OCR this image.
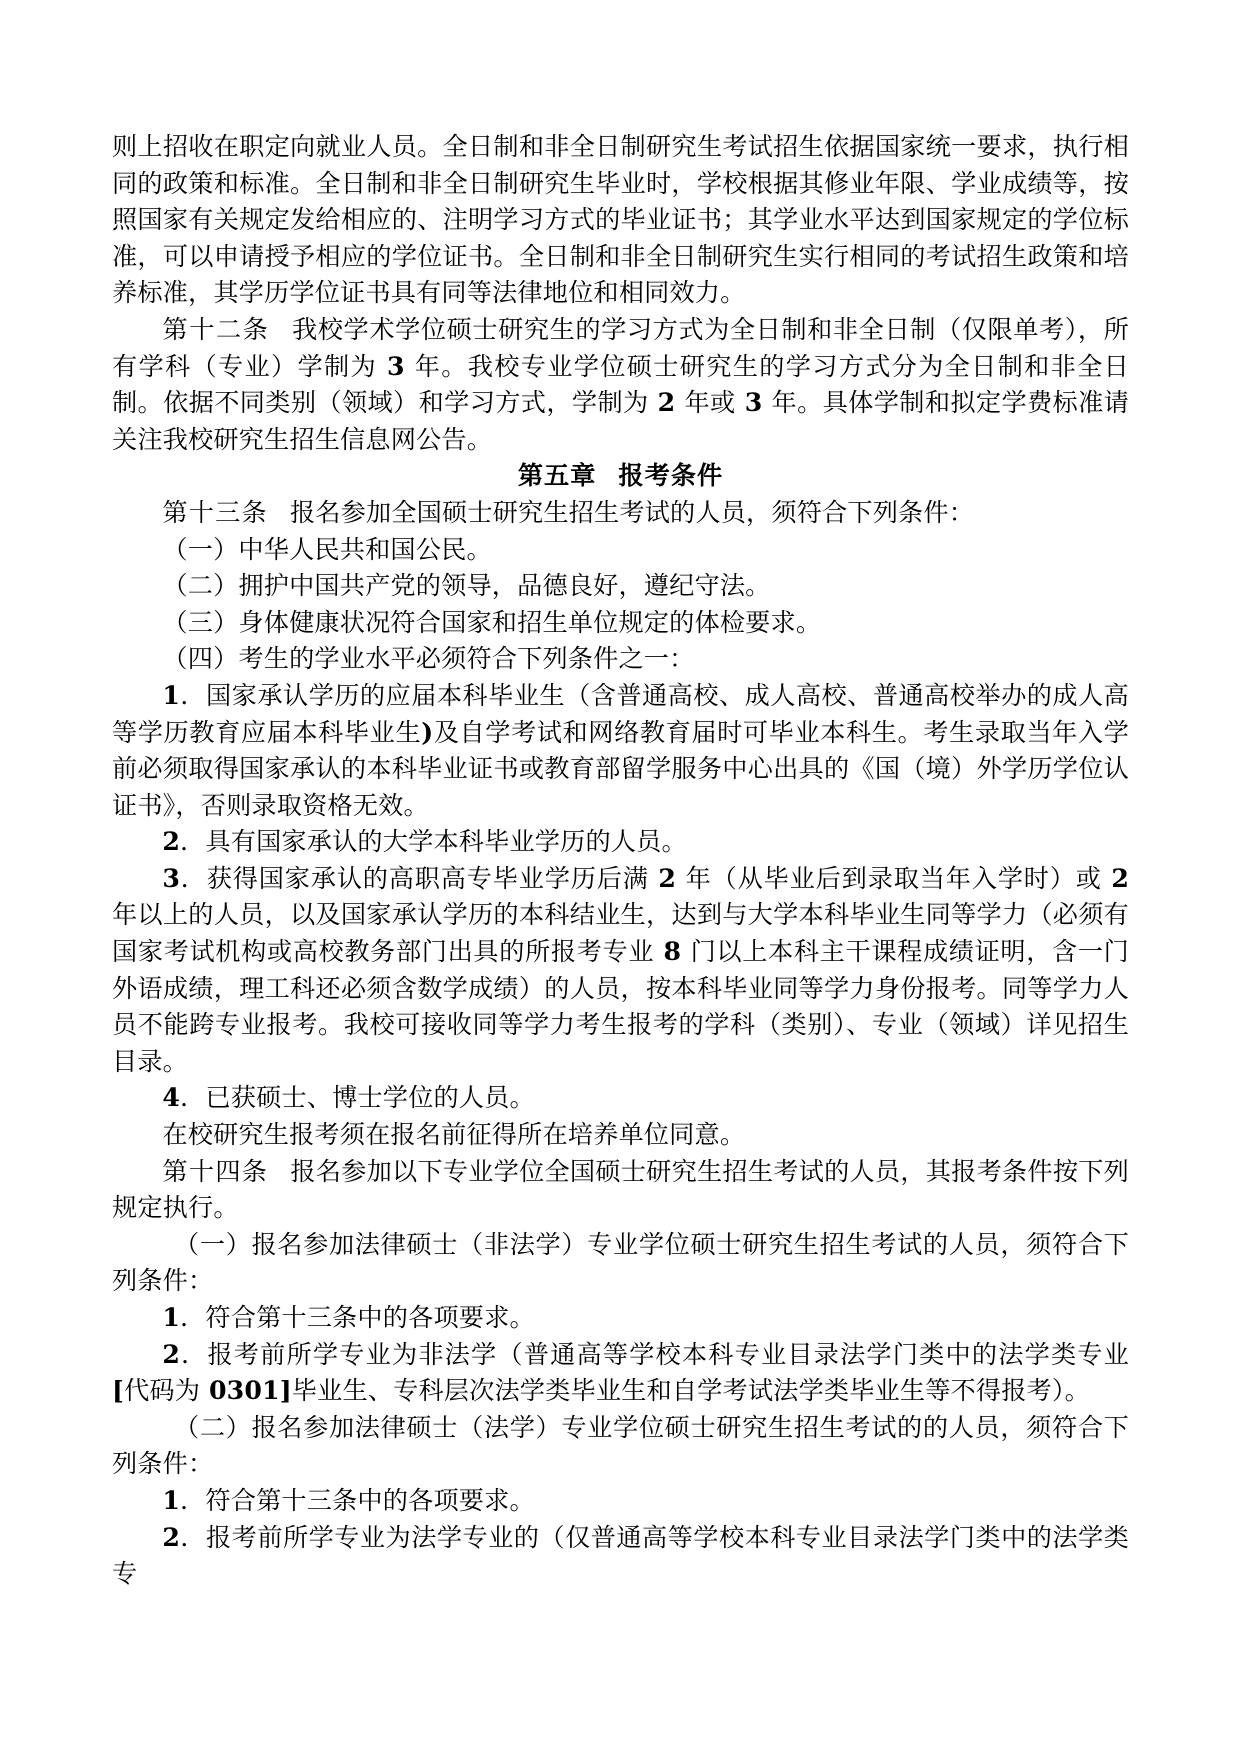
则上招收在职定向就业人员。全日制和非全日制研究生考试招生依据国家统一要求，执行相同的政策和标准。全日制和非全日制研究生毕业时，学校根据其修业年限、学业成绩等，按照国家有关规定发给相应的、注明学习方式的毕业证书；其学业水平达到国家规定的学位标准，可以申请授予相应的学位证书。全日制和非全日制研究生实行相同的考试招生政策和培养标准，其学历学位证书具有同等法律地位和相同效力。

第十二条 我校学术学位硕士研究生的学习方式为全日制和非全日制（仅限单考），所有学科（专业）学制为 3 年。我校专业学位硕士研究生的学习方式分为全日制和非全日制。依据不同类别（领域）和学习方式，学制为 2 年或 3 年。具体学制和拟定学费标准请关注我校研究生招生信息网公告。

第五章 报考条件

第十三条 报名参加全国硕士研究生招生考试的人员，须符合下列条件：

（一）中华人民共和国公民。

（二）拥护中国共产党的领导，品德良好，遵纪守法。

（三）身体健康状况符合国家和招生单位规定的体检要求。

（四）考生的学业水平必须符合下列条件之一：

1．国家承认学历的应届本科毕业生（含普通高校、成人高校、普通高校举办的成人高等学历教育应届本科毕业生)及自学考试和网络教育届时可毕业本科生。考生录取当年入学前必须取得国家承认的本科毕业证书或教育部留学服务中心出具的《国（境）外学历学位认证书》，否则录取资格无效。

2．具有国家承认的大学本科毕业学历的人员。

3．获得国家承认的高职高专毕业学历后满 2 年（从毕业后到录取当年入学时）或 2 年以上的人员，以及国家承认学历的本科结业生，达到与大学本科毕业生同等学力（必须有国家考试机构或高校教务部门出具的所报考专业 8 门以上本科主干课程成绩证明，含一门外语成绩，理工科还必须含数学成绩）的人员，按本科毕业同等学力身份报考。同等学力人员不能跨专业报考。我校可接收同等学力考生报考的学科（类别）、专业（领域）详见招生目录。

4．已获硕士、博士学位的人员。

在校研究生报考须在报名前征得所在培养单位同意。

第十四条 报名参加以下专业学位全国硕士研究生招生考试的人员，其报考条件按下列规定执行。

（一）报名参加法律硕士（非法学）专业学位硕士研究生招生考试的人员，须符合下列条件：

1．符合第十三条中的各项要求。

2．报考前所学专业为非法学（普通高等学校本科专业目录法学门类中的法学类专业[代码为 0301]毕业生、专科层次法学类毕业生和自学考试法学类毕业生等不得报考）。

（二）报名参加法律硕士（法学）专业学位硕士研究生招生考试的的人员，须符合下列条件：

1．符合第十三条中的各项要求。

2．报考前所学专业为法学专业的（仅普通高等学校本科专业目录法学门类中的法学类专
